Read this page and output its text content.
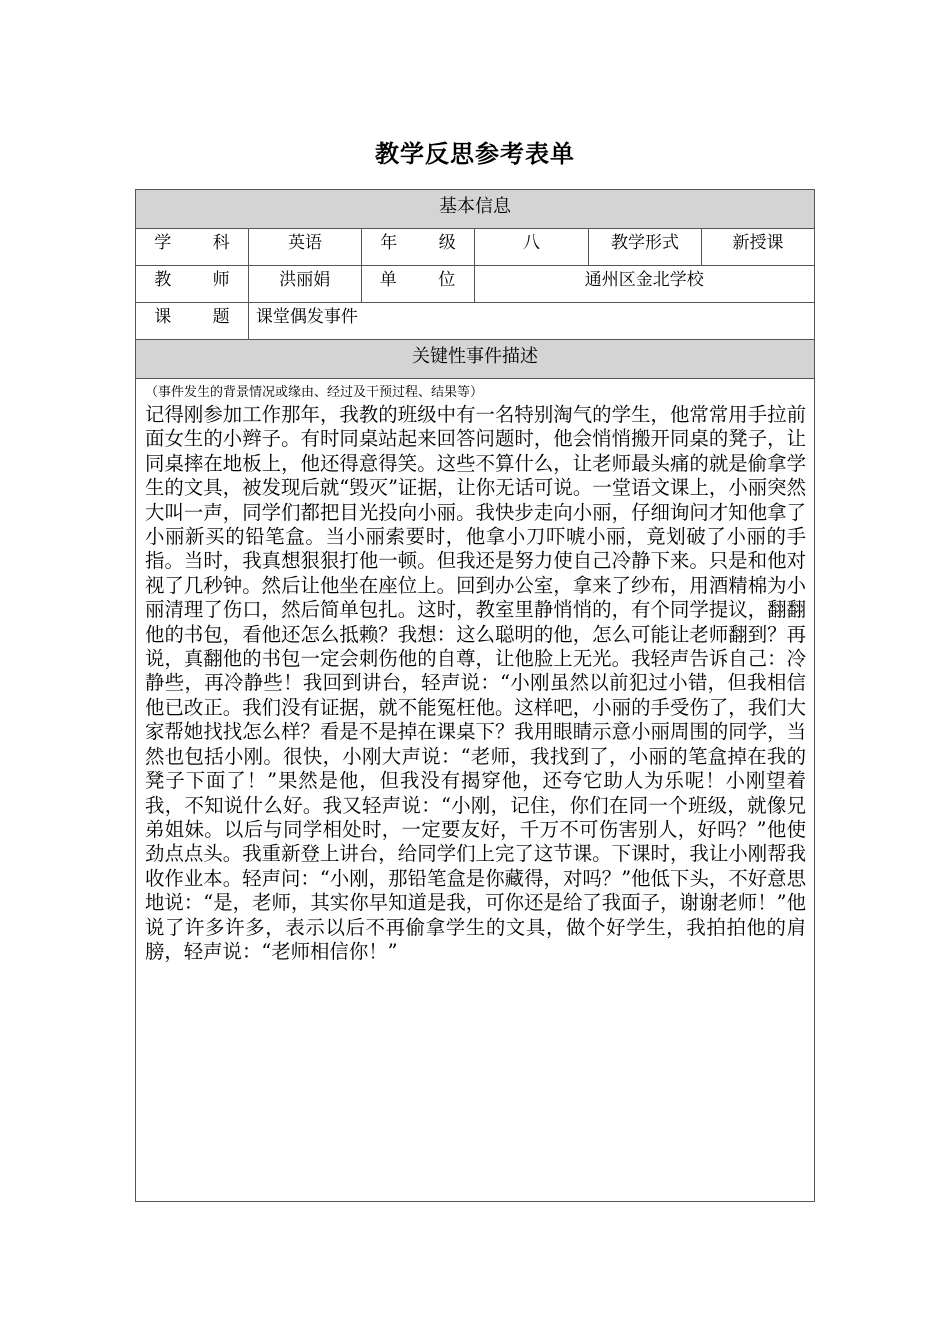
教学反思参考表单
基本信息
学 科	英语	年 级	八	教学形式	新授课
教 师	洪丽娟	单 位	通州区金北学校
课 题 课堂偶发事件
关键性事件描述

（事件发生的背景情况或缘由、经过及干预过程、结果等）

记得刚参加工作那年，我教的班级中有一名特别淘气的学生，他常常用手拉前面女生的小辫子。有时同桌站起来回答问题时，他会悄悄搬开同桌的凳子，让同桌摔在地板上，他还得意得笑。这些不算什么，让老师最头痛的就是偷拿学生的文具，被发现后就“毁灭”证据，让你无话可说。一堂语文课上，小丽突然大叫一声，同学们都把目光投向小丽。我快步走向小丽，仔细询问才知他拿了小丽新买的铅笔盒。当小丽索要时，他拿小刀吓唬小丽，竟划破了小丽的手指。当时，我真想狠狠打他一顿。但我还是努力使自己冷静下来。只是和他对视了几秒钟。然后让他坐在座位上。回到办公室，拿来了纱布，用酒精棉为小丽清理了伤口，然后简单包扎。这时，教室里静悄悄的，有个同学提议，翻翻他的书包，看他还怎么抵赖？我想：这么聪明的他，怎么可能让老师翻到？再说，真翻他的书包一定会刺伤他的自尊，让他脸上无光。我轻声告诉自己：冷静些，再冷静些！我回到讲台，轻声说：“小刚虽然以前犯过小错，但我相信他已改正。我们没有证据，就不能冤枉他。这样吧，小丽的手受伤了，我们大家帮她找找怎么样？看是不是掉在课桌下？我用眼睛示意小丽周围的同学，当然也包括小刚。很快，小刚大声说：“老师，我找到了，小丽的笔盒掉在我的凳子下面了！”果然是他，但我没有揭穿他，还夸它助人为乐呢！小刚望着我，不知说什么好。我又轻声说：“小刚，记住，你们在同一个班级，就像兄弟姐妹。以后与同学相处时，一定要友好，千万不可伤害别人，好吗？”他使劲点点头。我重新登上讲台，给同学们上完了这节课。下课时，我让小刚帮我收作业本。轻声问：“小刚，那铅笔盒是你藏得，对吗？”他低下头，不好意思地说：“是，老师，其实你早知道是我，可你还是给了我面子，谢谢老师！”他说了许多许多，表示以后不再偷拿学生的文具，做个好学生，我拍拍他的肩膀，轻声说：“老师相信你！”
